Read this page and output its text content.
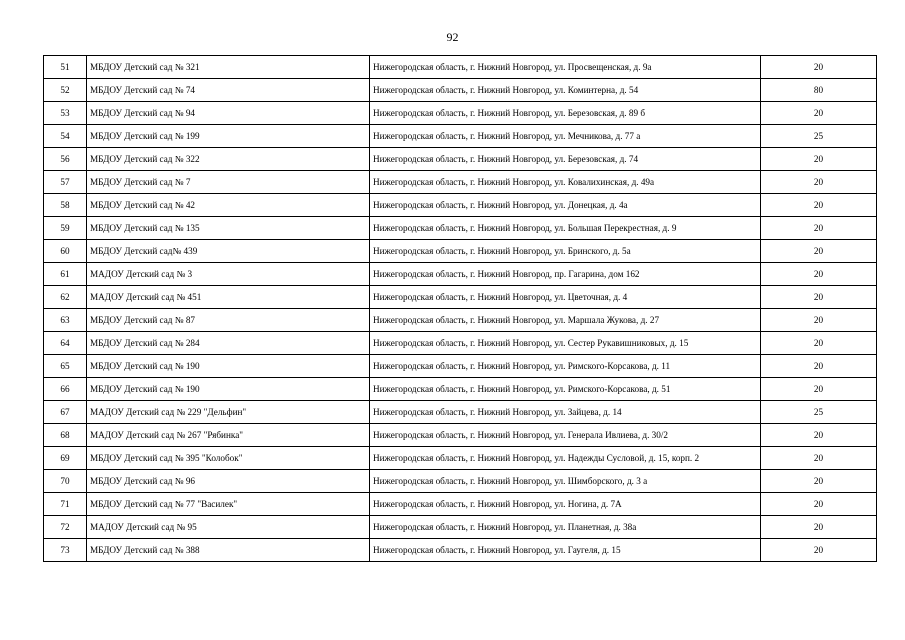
92
51	МБДОУ Детский сад № 321	Нижегородская область, г. Нижний Новгород, ул. Просвещенская, д. 9а	20
52	МБДОУ Детский сад № 74	Нижегородская область, г. Нижний Новгород, ул. Коминтерна, д. 54	80
53	МБДОУ Детский сад № 94	Нижегородская область, г. Нижний Новгород, ул. Березовская, д. 89 б	20
54	МБДОУ Детский сад № 199	Нижегородская область, г. Нижний Новгород, ул. Мечникова, д. 77 а	25
56	МБДОУ Детский сад № 322	Нижегородская область, г. Нижний Новгород, ул. Березовская, д. 74	20
57	МБДОУ Детский сад № 7	Нижегородская область, г. Нижний Новгород, ул. Ковалихинская, д. 49а	20
58	МБДОУ Детский сад № 42	Нижегородская область, г. Нижний Новгород, ул. Донецкая, д. 4а	20
59	МБДОУ Детский сад № 135	Нижегородская область, г. Нижний Новгород, ул. Большая Перекрестная, д. 9	20
60	МБДОУ Детский сад№ 439	Нижегородская область, г. Нижний Новгород, ул. Бринского, д. 5а	20
61	МАДОУ Детский сад № 3	Нижегородская область, г. Нижний Новгород, пр. Гагарина, дом 162	20
62	МАДОУ Детский сад № 451	Нижегородская область, г. Нижний Новгород, ул. Цветочная, д. 4	20
63	МБДОУ Детский сад № 87	Нижегородская область, г. Нижний Новгород, ул. Маршала Жукова, д. 27	20
64	МБДОУ Детский сад № 284	Нижегородская область, г. Нижний Новгород, ул. Сестер Рукавишниковых, д. 15	20
65	МБДОУ Детский сад № 190	Нижегородская область, г. Нижний Новгород, ул. Римского-Корсакова, д. 11	20
66	МБДОУ Детский сад № 190	Нижегородская область, г. Нижний Новгород, ул. Римского-Корсакова, д. 51	20
67	МАДОУ Детский сад № 229 "Дельфин"	Нижегородская область, г. Нижний Новгород, ул. Зайцева, д. 14	25
68	МАДОУ Детский сад № 267 "Рябинка"	Нижегородская область, г. Нижний Новгород, ул. Генерала Ивлиева, д. 30/2	20
69	МБДОУ Детский сад № 395 "Колобок"	Нижегородская область, г. Нижний Новгород, ул. Надежды Сусловой, д. 15, корп. 2	20
70	МБДОУ Детский сад № 96	Нижегородская область, г. Нижний Новгород, ул. Шимборского, д. 3 а	20
71	МБДОУ Детский сад № 77 "Василек"	Нижегородская область, г. Нижний Новгород, ул. Ногина, д. 7А	20
72	МАДОУ Детский сад № 95	Нижегородская область, г. Нижний Новгород, ул. Планетная, д. 38а	20
73	МБДОУ Детский сад № 388	Нижегородская область, г. Нижний Новгород, ул. Гаугеля, д. 15	20
